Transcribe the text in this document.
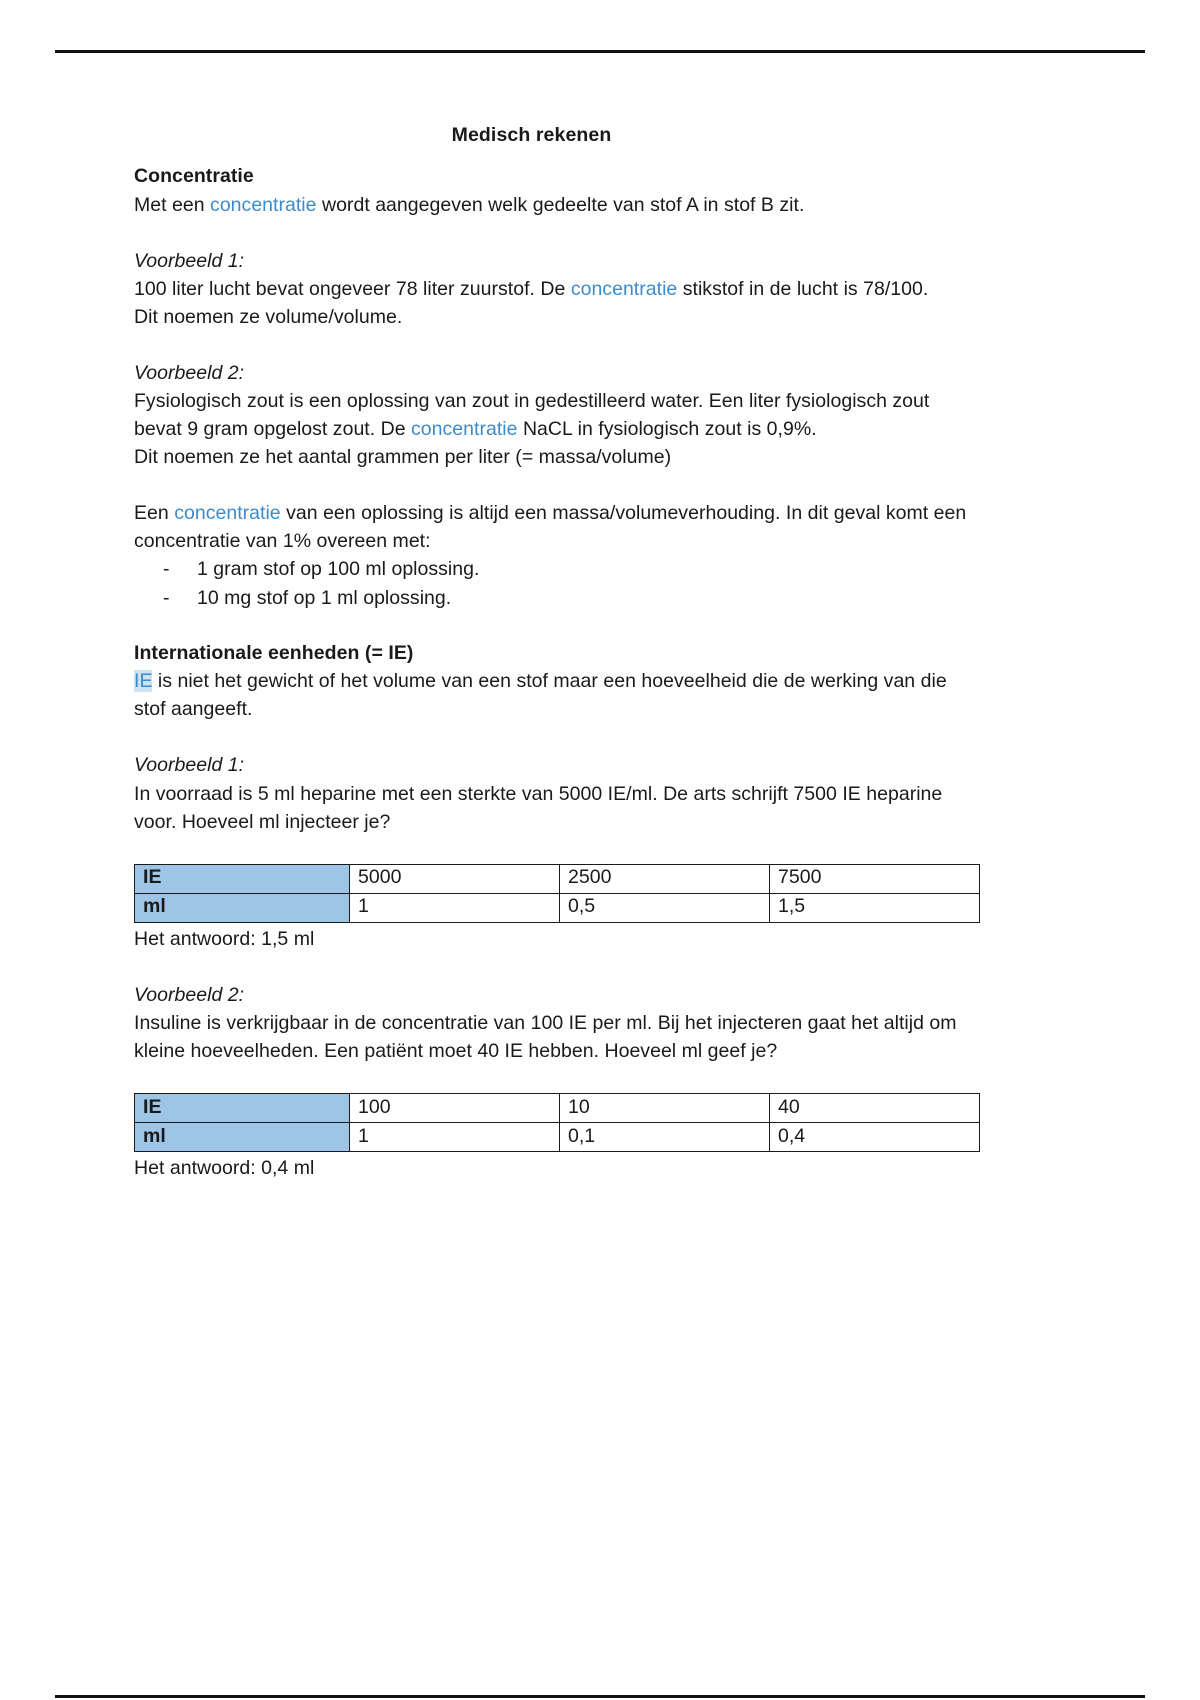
Medisch rekenen
Concentratie

Met een concentratie wordt aangegeven welk gedeelte van stof A in stof B zit.

Voorbeeld 1:

100 liter lucht bevat ongeveer 78 liter zuurstof. De concentratie stikstof in de lucht is 78/100.

Dit noemen ze volume/volume.

Voorbeeld 2:

Fysiologisch zout is een oplossing van zout in gedestilleerd water. Een liter fysiologisch zout bevat 9 gram opgelost zout. De concentratie NaCL in fysiologisch zout is 0,9%.

Dit noemen ze het aantal grammen per liter (= massa/volume)

Een concentratie van een oplossing is altijd een massa/volumeverhouding. In dit geval komt een concentratie van 1% overeen met:

- 1 gram stof op 100 ml oplossing.
- 10 mg stof op 1 ml oplossing.
Internationale eenheden (= IE)

IE is niet het gewicht of het volume van een stof maar een hoeveelheid die de werking van die stof aangeeft.

Voorbeeld 1:

In voorraad is 5 ml heparine met een sterkte van 5000 IE/ml. De arts schrijft 7500 IE heparine voor. Hoeveel ml injecteer je?

IE	5000	2500	7500
ml	1	0,5	1,5

Het antwoord: 1,5 ml

Voorbeeld 2:

Insuline is verkrijgbaar in de concentratie van 100 IE per ml. Bij het injecteren gaat het altijd om kleine hoeveelheden. Een patiënt moet 40 IE hebben. Hoeveel ml geef je?

IE	100	10	40
ml	1	0,1	0,4

Het antwoord: 0,4 ml
